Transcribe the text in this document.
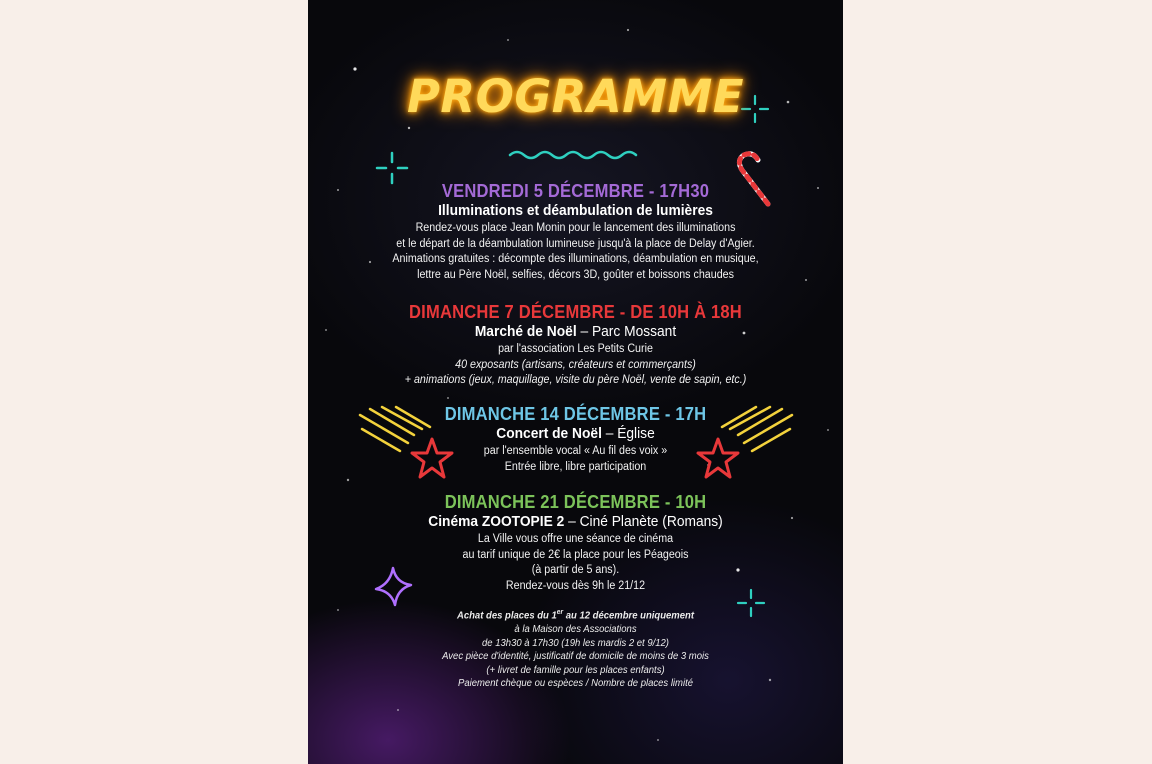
PROGRAMME
VENDREDI 5 DÉCEMBRE - 17H30
Illuminations et déambulation de lumières
Rendez-vous place Jean Monin pour le lancement des illuminations
et le départ de la déambulation lumineuse jusqu'à la place de Delay d'Agier.
Animations gratuites : décompte des illuminations, déambulation en musique,
lettre au Père Noël, selfies, décors 3D, goûter et boissons chaudes
DIMANCHE 7 DÉCEMBRE - DE 10H À 18H
Marché de Noël – Parc Mossant
par l'association Les Petits Curie
40 exposants (artisans, créateurs et commerçants)
+ animations (jeux, maquillage, visite du père Noël, vente de sapin, etc.)
DIMANCHE 14 DÉCEMBRE - 17H
Concert de Noël – Église
par l'ensemble vocal « Au fil des voix »
Entrée libre, libre participation
DIMANCHE 21 DÉCEMBRE - 10H
Cinéma ZOOTOPIE 2 – Ciné Planète (Romans)
La Ville vous offre une séance de cinéma
au tarif unique de 2€ la place pour les Péageois
(à partir de 5 ans).
Rendez-vous dès 9h le 21/12
Achat des places du 1er au 12 décembre uniquement
à la Maison des Associations
de 13h30 à 17h30 (19h les mardis 2 et 9/12)
Avec pièce d'identité, justificatif de domicile de moins de 3 mois
(+ livret de famille pour les places enfants)
Paiement chèque ou espèces / Nombre de places limité
